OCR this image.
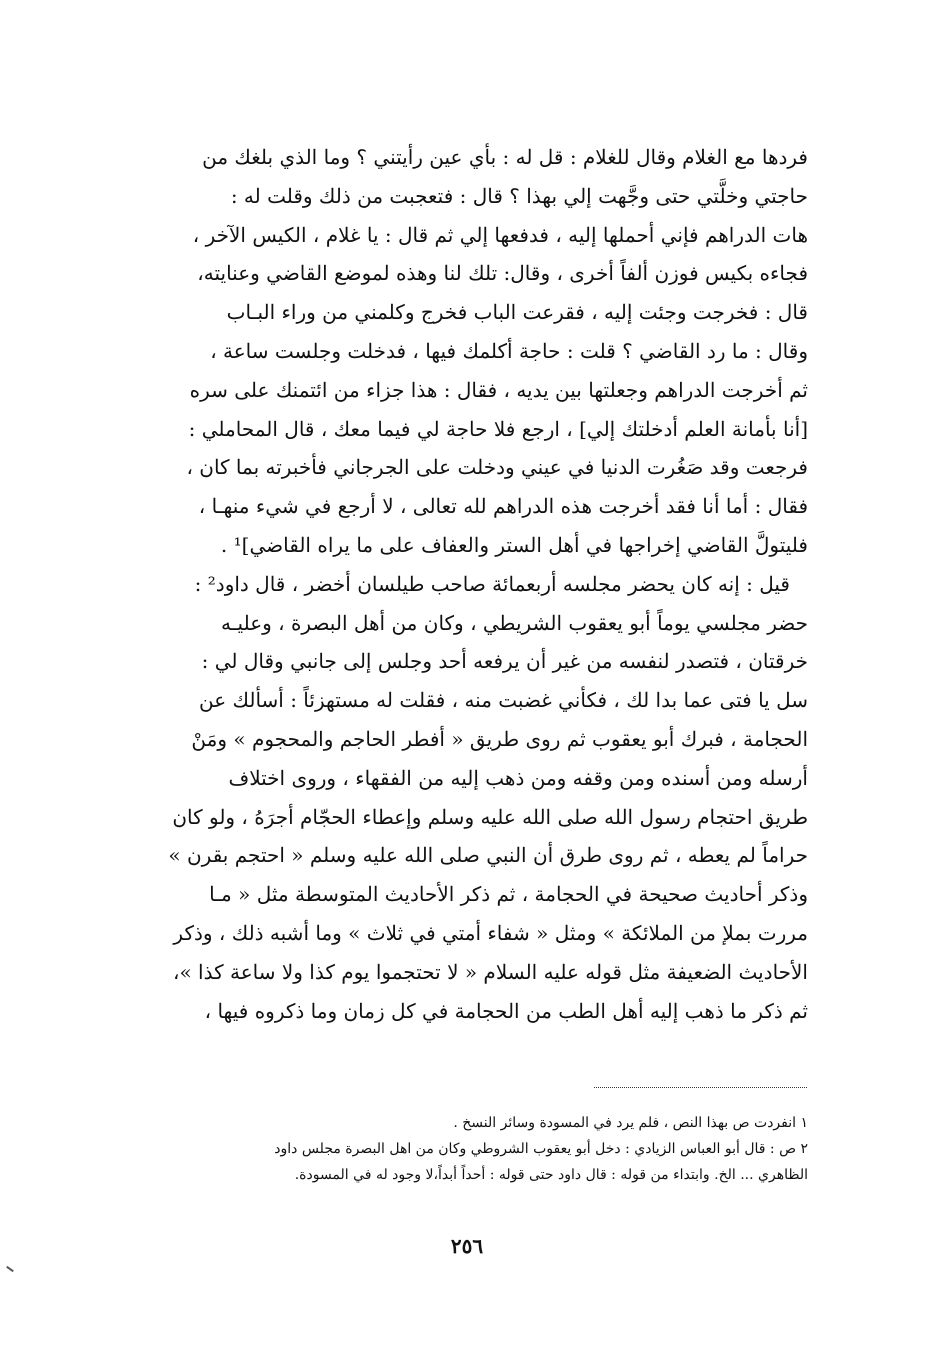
فردها مع الغلام وقال للغلام : قل له : بأي عين رأيتني ؟ وما الذي بلغك من
حاجتي وخلَّتي حتى وجَّهت إلي بهذا ؟ قال : فتعجبت من ذلك وقلت له :
هات الدراهم فإني أحملها إليه ، فدفعها إلي ثم قال : يا غلام ، الكيس الآخر ،
فجاءه بكيس فوزن ألفاً أخرى ، وقال: تلك لنا وهذه لموضع القاضي وعنايته،
قال : فخرجت وجئت إليه ، فقرعت الباب فخرج وكلمني من وراء البـاب
وقال : ما رد القاضي ؟ قلت : حاجة أكلمك فيها ، فدخلت وجلست ساعة ،
ثم أخرجت الدراهم وجعلتها بين يديه ، فقال : هذا جزاء من ائتمنك على سره
[أنا بأمانة العلم أدخلتك إلي] ، ارجع فلا حاجة لي فيما معك ، قال المحاملي :
فرجعت وقد صَغُرت الدنيا في عيني ودخلت على الجرجاني فأخبرته بما كان ،
فقال : أما أنا فقد أخرجت هذه الدراهم لله تعالى ، لا أرجع في شيء منهـا ،
فليتولَّ القاضي إخراجها في أهل الستر والعفاف على ما يراه القاضي]¹ .
قيل : إنه كان يحضر مجلسه أربعمائة صاحب طيلسان أخضر ، قال داود² :
حضر مجلسي يوماً أبو يعقوب الشريطي ، وكان من أهل البصرة ، وعليـه
خرقتان ، فتصدر لنفسه من غير أن يرفعه أحد وجلس إلى جانبي وقال لي :
سل يا فتى عما بدا لك ، فكأني غضبت منه ، فقلت له مستهزئاً : أسألك عن
الحجامة ، فبرك أبو يعقوب ثم روى طريق « أفطر الحاجم والمحجوم » ومَنْ
أرسله ومن أسنده ومن وقفه ومن ذهب إليه من الفقهاء ، وروى اختلاف
طريق احتجام رسول الله صلى الله عليه وسلم وإعطاء الحجّام أجرَهُ ، ولو كان
حراماً لم يعطه ، ثم روى طرق أن النبي صلى الله عليه وسلم « احتجم بقرن »
وذكر أحاديث صحيحة في الحجامة ، ثم ذكر الأحاديث المتوسطة مثل « مـا
مررت بملإ من الملائكة » ومثل « شفاء أمتي في ثلاث » وما أشبه ذلك ، وذكر
الأحاديث الضعيفة مثل قوله عليه السلام « لا تحتجموا يوم كذا ولا ساعة كذا »،
ثم ذكر ما ذهب إليه أهل الطب من الحجامة في كل زمان وما ذكروه فيها ،
١ انفردت ص بهذا النص ، فلم يرد في المسودة وسائر النسخ .
٢ ص : قال أبو العباس الزيادي : دخل أبو يعقوب الشروطي وكان من اهل البصرة مجلس داود
الظاهري ... الخ. وابتداء من قوله : قال داود حتى قوله : أحداً أبداً،لا وجود له في المسودة.
٢٥٦
